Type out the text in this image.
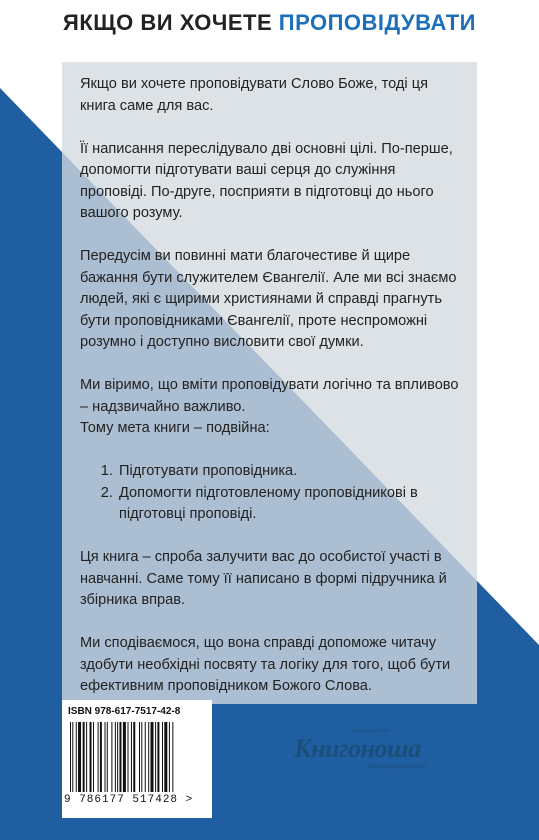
ЯКЩО ВИ ХОЧЕТЕ ПРОПОВІДУВАТИ

Якщо ви хочете проповідувати Слово Боже, тоді ця книга саме для вас.

Її написання переслідувало дві основні цілі. По-перше, допомогти підготувати ваші серця до служіння проповіді. По-друге, посприяти в підготовці до нього вашого розуму.

Передусім ви повинні мати благочестиве й щире бажання бути служителем Євангелії. Але ми всі знаємо людей, які є щирими християнами й справді прагнуть бути проповідниками Євангелії, проте неспроможні розумно і доступно висловити свої думки.

Ми віримо, що вміти проповідувати логічно та впливово – надзвичайно важливо.

Тому мета книги – подвійна:

1. Підготувати проповідника.
2. Допомогти підготовленому проповідникові в підготовці проповіді.

Ця книга – спроба залучити вас до особистої участі в навчанні. Саме тому її написано в формі підручника й збірника вправ.

Ми сподіваємося, що вона справді допоможе читачу здобути необхідні посвяту та логіку для того, щоб бути ефективним проповідником Божого Слова.

ISBN 978-617-7517-42-8
9 786177 517428 >
видавництво
Книгоноша
www.knigonosha.com
